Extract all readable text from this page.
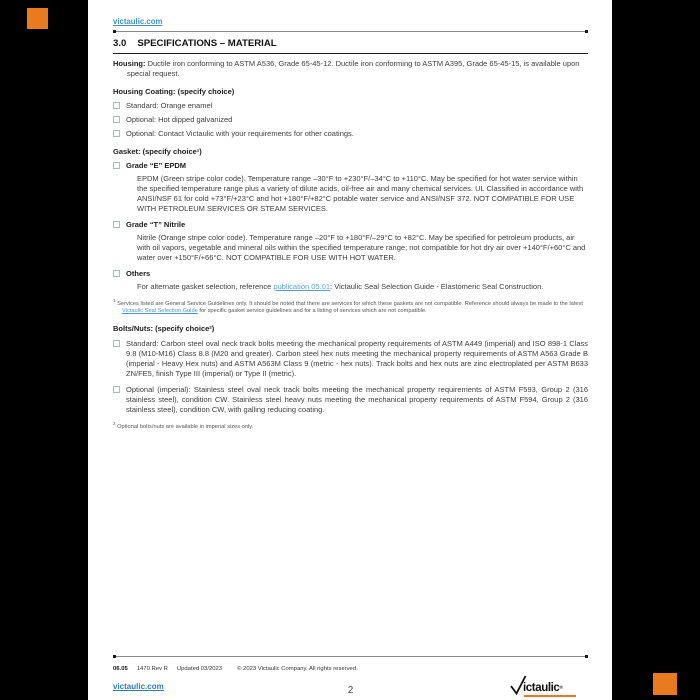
victaulic.com
3.0 SPECIFICATIONS – MATERIAL
Housing: Ductile iron conforming to ASTM A536, Grade 65-45-12. Ductile iron conforming to ASTM A395, Grade 65-45-15, is available upon special request.
Housing Coating: (specify choice)
Standard: Orange enamel
Optional: Hot dipped galvanized
Optional: Contact Victaulic with your requirements for other coatings.
Gasket: (specify choice¹)
Grade “E” EPDM
EPDM (Green stripe color code). Temperature range –30°F to +230°F/–34°C to +110°C. May be specified for hot water service within the specified temperature range plus a variety of dilute acids, oil-free air and many chemical services. UL Classified in accordance with ANSI/NSF 61 for cold +73°F/+23°C and hot +180°F/+82°C potable water service and ANSI/NSF 372. NOT COMPATIBLE FOR USE WITH PETROLEUM SERVICES OR STEAM SERVICES.
Grade “T” Nitrile
Nitrile (Orange stripe color code). Temperature range –20°F to +180°F/–29°C to +82°C. May be specified for petroleum products, air with oil vapors, vegetable and mineral oils within the specified temperature range; not compatible for hot dry air over +140°F/+60°C and water over +150°F/+66°C. NOT COMPATIBLE FOR USE WITH HOT WATER.
Others
For alternate gasket selection, reference publication 05.01: Victaulic Seal Selection Guide - Elastomeric Seal Construction.
$^1$ Services listed are General Service Guidelines only. It should be noted that there are services for which these gaskets are not compatible. Reference should always be made to the latest Victaulic Seal Selection Guide for specific gasket service guidelines and for a listing of services which are not compatible.
Bolts/Nuts: (specify choice²)
Standard: Carbon steel oval neck track bolts meeting the mechanical property requirements of ASTM A449 (imperial) and ISO 898-1 Class 9.8 (M10-M16) Class 8.8 (M20 and greater). Carbon steel hex nuts meeting the mechanical property requirements of ASTM A563 Grade B (imperial - Heavy Hex nuts) and ASTM A563M Class 9 (metric - hex nuts). Track bolts and hex nuts are zinc electroplated per ASTM B633 ZN/FE5, finish Type III (imperial) or Type II (metric).
Optional (imperial): Stainless steel oval neck track bolts meeting the mechanical property requirements of ASTM F593, Group 2 (316 stainless steel), condition CW. Stainless steel heavy nuts meeting the mechanical property requirements of ASTM F594, Group 2 (316 stainless steel), condition CW, with galling reducing coating.
$^2$ Optional bolts/nuts are available in imperial sizes only.
06.05 1470 Rev R Updated 03/2023	© 2023 Victaulic Company. All rights reserved.
victaulic.com	2	ictaulic®
